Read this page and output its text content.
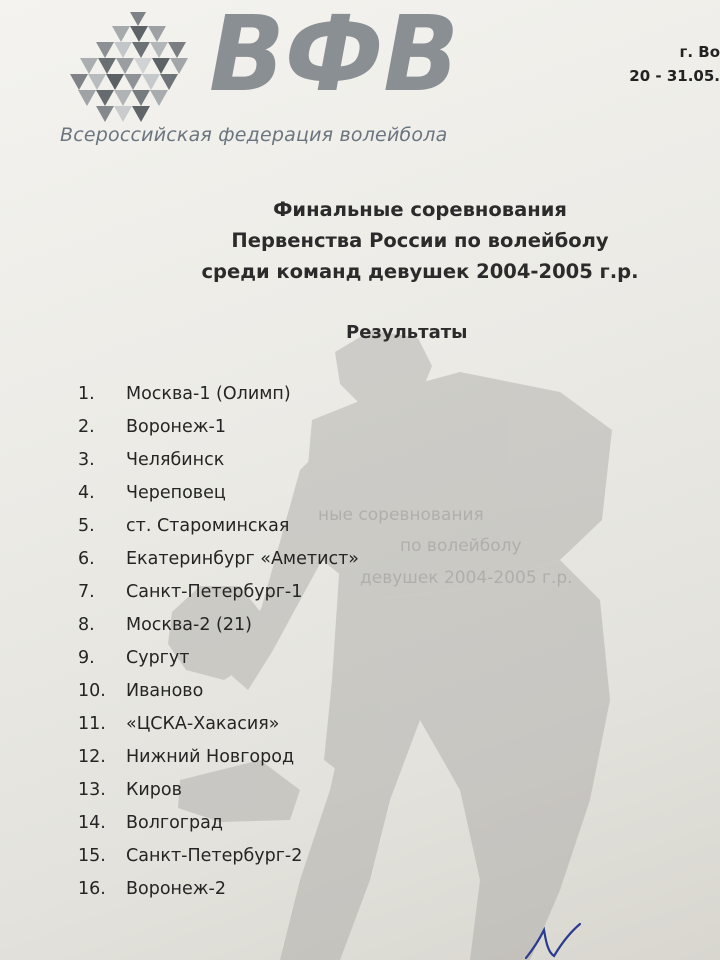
ные соревнования
по волейболу
девушек 2004-2005 г.р.
ВФВ
Всероссийская федерация волейбола
г. Во
20 - 31.05.
Финальные соревнования
Первенства России по волейболу
среди команд девушек 2004-2005 г.р.
Результаты
1. Москва-1 (Олимп)
2. Воронеж-1
3. Челябинск
4. Череповец
5. ст. Староминская
6. Екатеринбург «Аметист»
7. Санкт-Петербург-1
8. Москва-2 (21)
9. Сургут
10. Иваново
11. «ЦСКА-Хакасия»
12. Нижний Новгород
13. Киров
14. Волгоград
15. Санкт-Петербург-2
16. Воронеж-2
